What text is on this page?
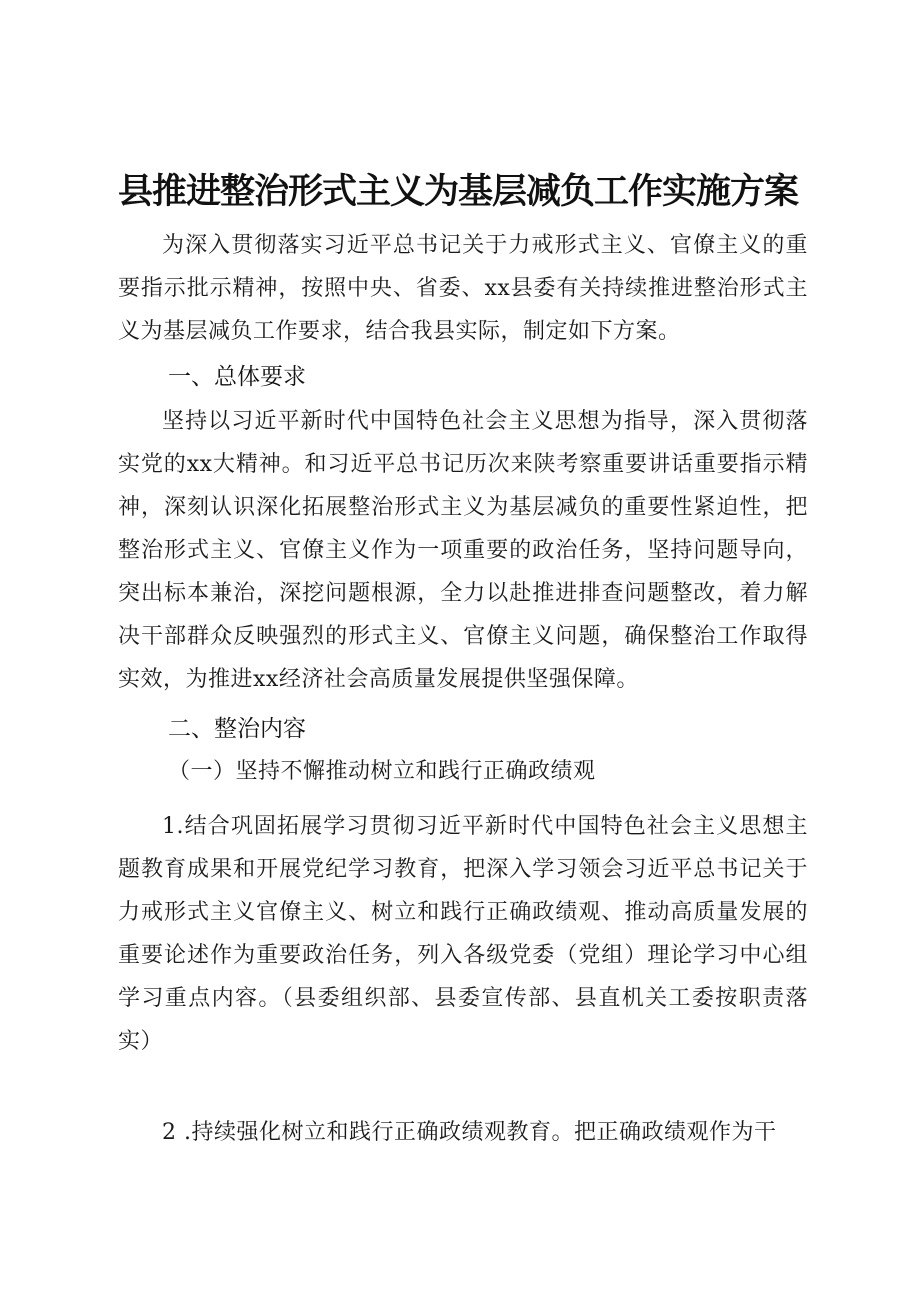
县推进整治形式主义为基层减负工作实施方案
为深入贯彻落实习近平总书记关于力戒形式主义、官僚主义的重要指示批示精神，按照中央、省委、xx县委有关持续推进整治形式主义为基层减负工作要求，结合我县实际，制定如下方案。
一、总体要求
坚持以习近平新时代中国特色社会主义思想为指导，深入贯彻落实党的xx大精神。和习近平总书记历次来陕考察重要讲话重要指示精神，深刻认识深化拓展整治形式主义为基层减负的重要性紧迫性，把整治形式主义、官僚主义作为一项重要的政治任务，坚持问题导向，突出标本兼治，深挖问题根源，全力以赴推进排查问题整改，着力解决干部群众反映强烈的形式主义、官僚主义问题，确保整治工作取得实效，为推进xx经济社会高质量发展提供坚强保障。
二、整治内容
（一）坚持不懈推动树立和践行正确政绩观
1.结合巩固拓展学习贯彻习近平新时代中国特色社会主义思想主题教育成果和开展党纪学习教育，把深入学习领会习近平总书记关于力戒形式主义官僚主义、树立和践行正确政绩观、推动高质量发展的重要论述作为重要政治任务，列入各级党委（党组）理论学习中心组学习重点内容。（县委组织部、县委宣传部、县直机关工委按职责落实）
2 .持续强化树立和践行正确政绩观教育。把正确政绩观作为干
